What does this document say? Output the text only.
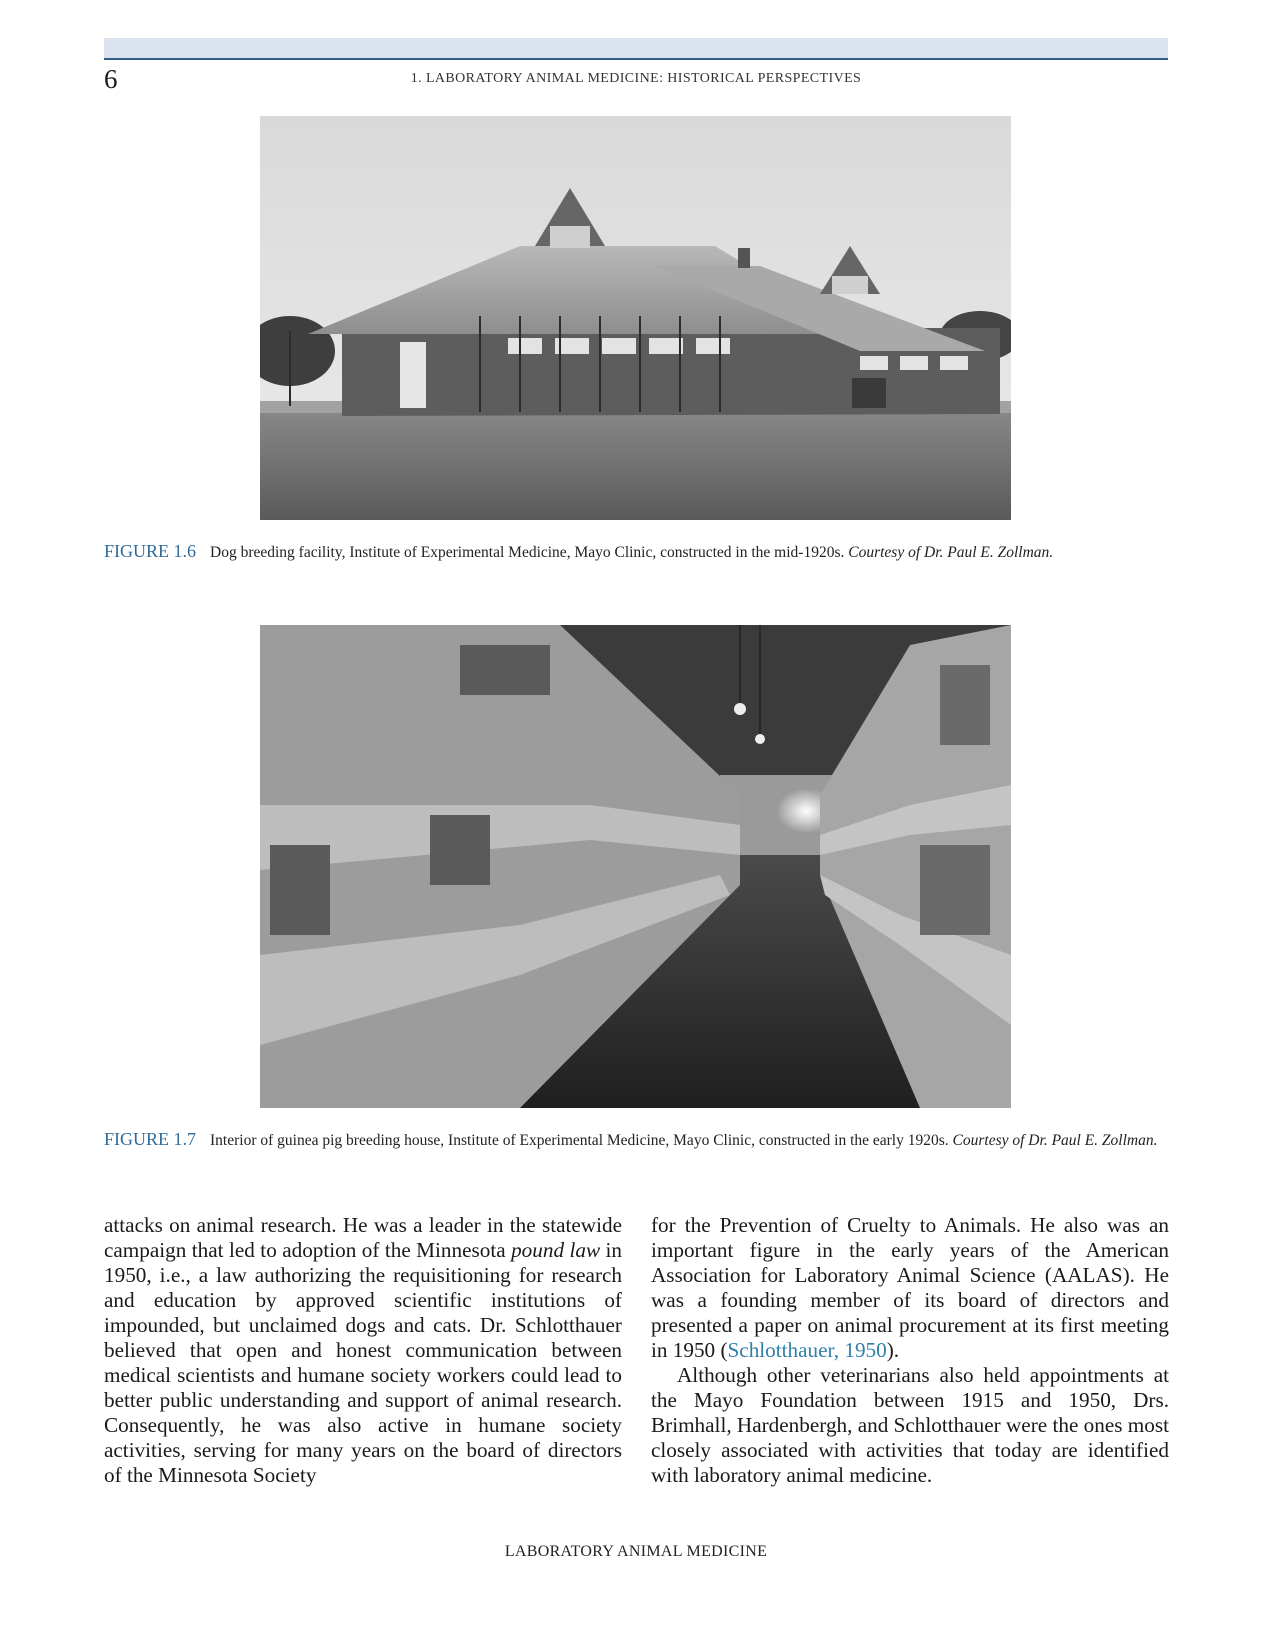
6	1. LABORATORY ANIMAL MEDICINE: HISTORICAL PERSPECTIVES
FIGURE 1.6 Dog breeding facility, Institute of Experimental Medicine, Mayo Clinic, constructed in the mid-1920s. Courtesy of Dr. Paul E. Zollman.
FIGURE 1.7 Interior of guinea pig breeding house, Institute of Experimental Medicine, Mayo Clinic, constructed in the early 1920s. Courtesy of Dr. Paul E. Zollman.

attacks on animal research. He was a leader in the statewide campaign that led to adoption of the Minnesota pound law in 1950, i.e., a law authorizing the requisitioning for research and education by approved scientific institutions of impounded, but unclaimed dogs and cats. Dr. Schlotthauer believed that open and honest communication between medical scientists and humane society workers could lead to better public understanding and support of animal research. Consequently, he was also active in humane society activities, serving for many years on the board of directors of the Minnesota Society

for the Prevention of Cruelty to Animals. He also was an important figure in the early years of the American Association for Laboratory Animal Science (AALAS). He was a founding member of its board of directors and presented a paper on animal procurement at its first meeting in 1950 (Schlotthauer, 1950).

Although other veterinarians also held appointments at the Mayo Foundation between 1915 and 1950, Drs. Brimhall, Hardenbergh, and Schlotthauer were the ones most closely associated with activities that today are identified with laboratory animal medicine.

LABORATORY ANIMAL MEDICINE
